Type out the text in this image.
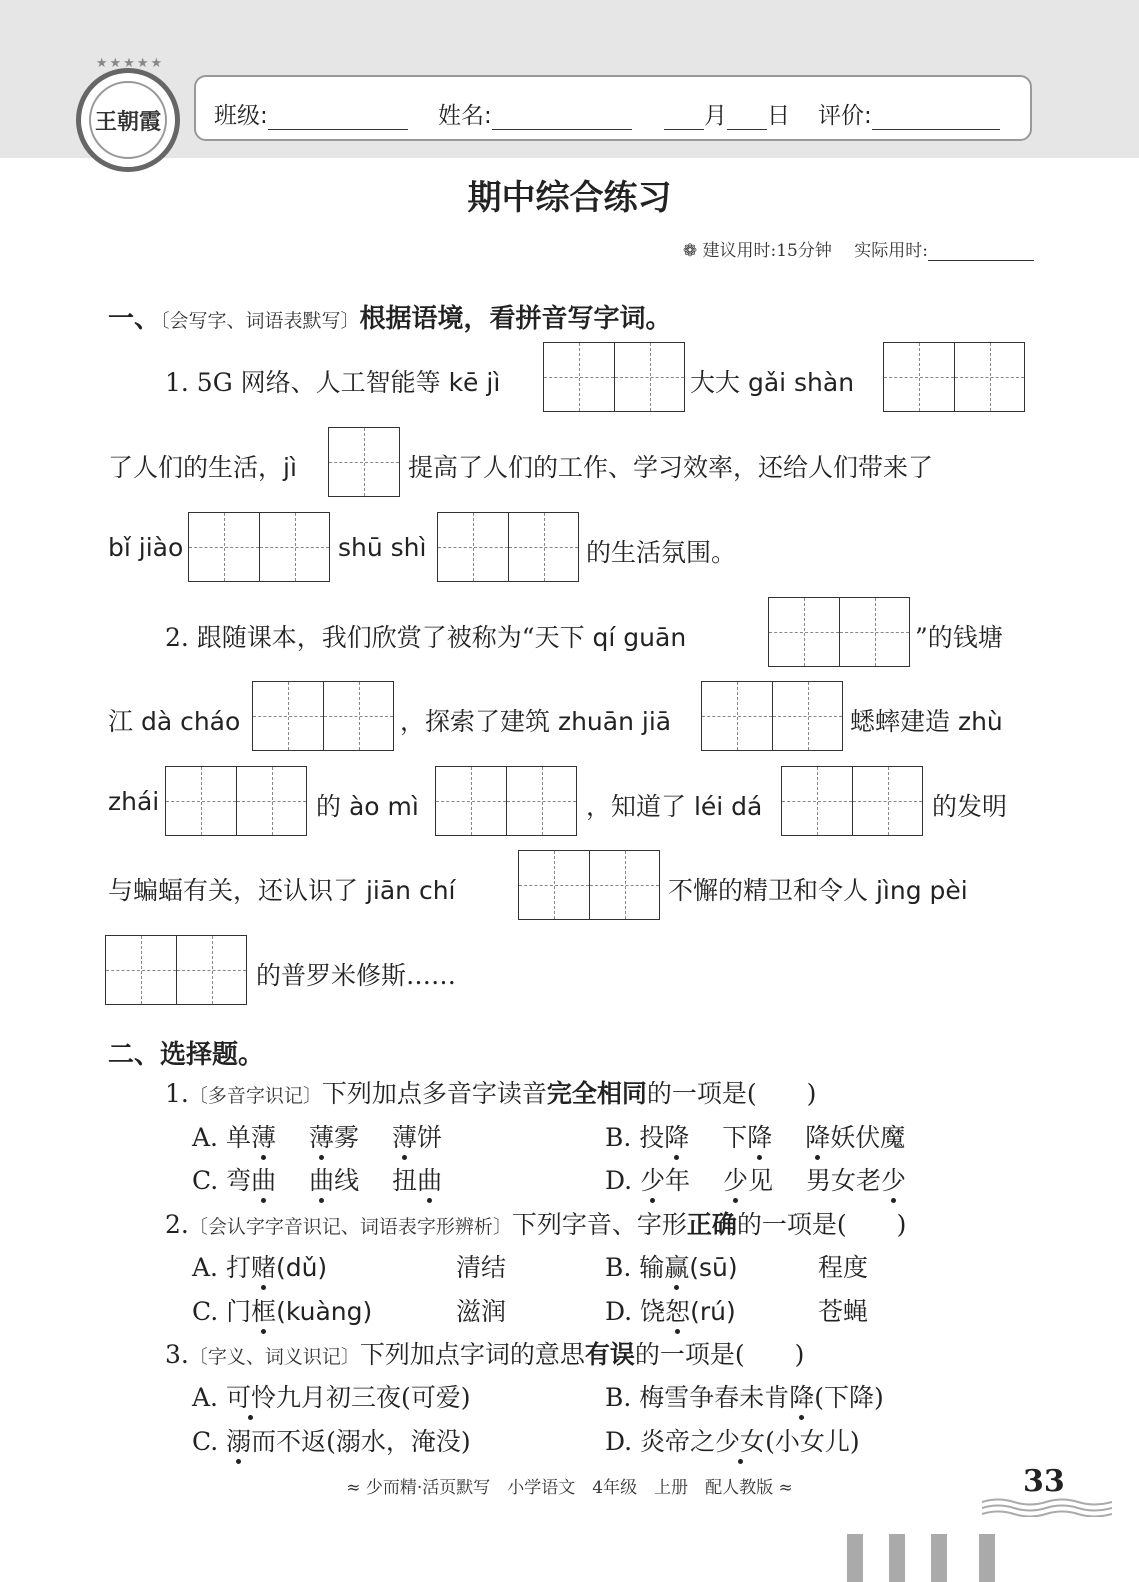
王朝霞
★★★★★
班级:	姓名:	月 日 评价:
期中综合练习
❁ 建议用时:15分钟　 实际用时:
一、〔会写字、词语表默写〕根据语境，看拼音写字词。
1. 5G 网络、人工智能等 kē jì	大大 gǎi shàn
了人们的生活，jì	提高了人们的工作、学习效率，还给人们带来了
bǐ jiào	shū shì	的生活氛围。
2. 跟随课本，我们欣赏了被称为“天下 qí guān	”的钱塘
江 dà cháo	，探索了建筑 zhuān jiā	蟋蟀建造 zhù
zhái	的 ào mì	，知道了 léi dá	的发明
与蝙蝠有关，还认识了 jiān chí	不懈的精卫和令人 jìng pèi
的普罗米修斯……
二、选择题。
1.〔多音字识记〕下列加点多音字读音完全相同的一项是(　　)
A. 单薄　 薄雾　 薄饼	B. 投降　 下降　 降妖伏魔
C. 弯曲　 曲线　 扭曲	D. 少年　 少见　 男女老少
2.〔会认字字音识记、词语表字形辨析〕下列字音、字形正确的一项是(　　)
A. 打赌(dǔ)	清结	B. 输赢(sū)	程度
C. 门框(kuàng)	滋润	D. 饶恕(rú)	苍蝇
3.〔字义、词义识记〕下列加点字词的意思有误的一项是(　　)
A. 可怜九月初三夜(可爱)	B. 梅雪争春未肯降(下降)
C. 溺而不返(溺水，淹没)	D. 炎帝之少女(小女儿)
≈ 少而精·活页默写　小学语文　4年级　上册　配人教版 ≈	33
